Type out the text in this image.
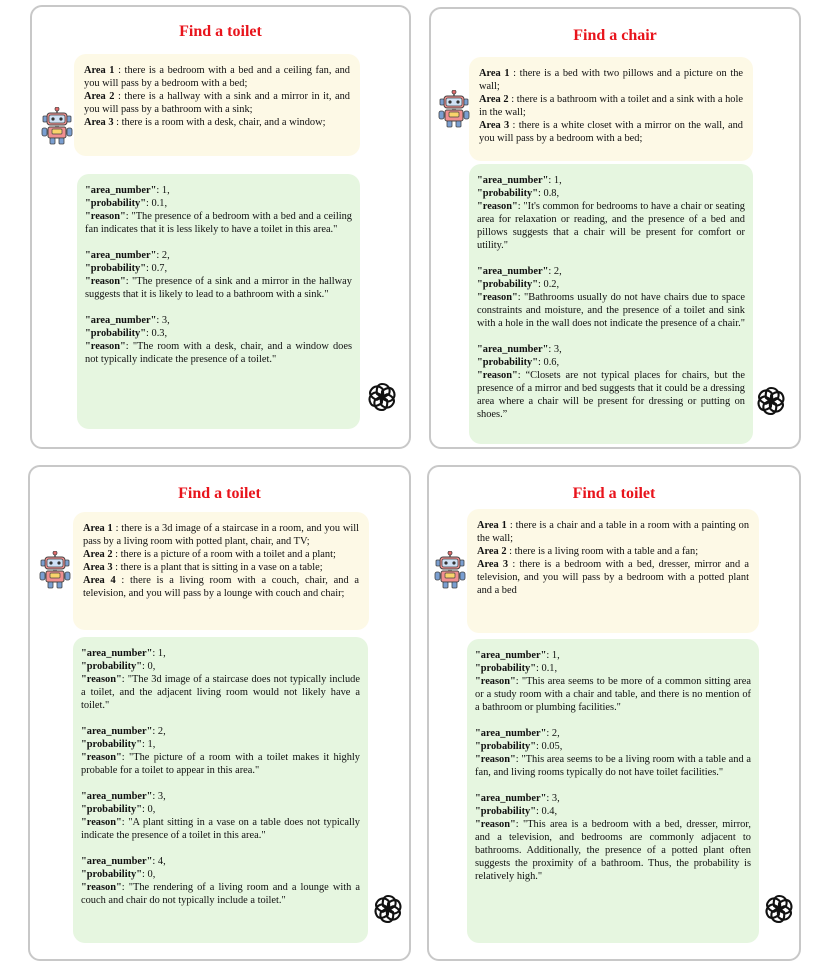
Find a toilet
Area 1 : there is a bedroom with a bed and a ceiling fan, and you will pass by a bedroom with a bed;
Area 2 : there is a hallway with a sink and a mirror in it, and you will pass by a bathroom with a sink;
Area 3 : there is a room with a desk, chair, and a window;
"area_number": 1,
"probability": 0.1,
"reason": "The presence of a bedroom with a bed and a ceiling fan indicates that it is less likely to have a toilet in this area."
"area_number": 2,
"probability": 0.7,
"reason": "The presence of a sink and a mirror in the hallway suggests that it is likely to lead to a bathroom with a sink."
"area_number": 3,
"probability": 0.3,
"reason": "The room with a desk, chair, and a window does not typically indicate the presence of a toilet."
Find a chair
Area 1 : there is a bed with two pillows and a picture on the wall;
Area 2 : there is a bathroom with a toilet and a sink with a hole in the wall;
Area 3 : there is a white closet with a mirror on the wall, and you will pass by a bedroom with a bed;
"area_number": 1,
"probability": 0.8,
"reason": "It's common for bedrooms to have a chair or seating area for relaxation or reading, and the presence of a bed and pillows suggests that a chair will be present for comfort or utility."
"area_number": 2,
"probability": 0.2,
"reason": "Bathrooms usually do not have chairs due to space constraints and moisture, and the presence of a toilet and sink with a hole in the wall does not indicate the presence of a chair."
"area_number": 3,
"probability": 0.6,
"reason": “Closets are not typical places for chairs, but the presence of a mirror and bed suggests that it could be a dressing area where a chair will be present for dressing or putting on shoes.”
Find a toilet
Area 1 : there is a 3d image of a staircase in a room, and you will pass by a living room with potted plant, chair, and TV;
Area 2 : there is a picture of a room with a toilet and a plant;
Area 3 : there is a plant that is sitting in a vase on a table;
Area 4 : there is a living room with a couch, chair, and a television, and you will pass by a lounge with couch and chair;
"area_number": 1,
"probability": 0,
"reason": "The 3d image of a staircase does not typically include a toilet, and the adjacent living room would not likely have a toilet."
"area_number": 2,
"probability": 1,
"reason": "The picture of a room with a toilet makes it highly probable for a toilet to appear in this area."
"area_number": 3,
"probability": 0,
"reason": "A plant sitting in a vase on a table does not typically indicate the presence of a toilet in this area."
"area_number": 4,
"probability": 0,
"reason": "The rendering of a living room and a lounge with a couch and chair do not typically include a toilet."
Find a toilet
Area 1 : there is a chair and a table in a room with a painting on the wall;
Area 2 : there is a living room with a table and a fan;
Area 3 : there is a bedroom with a bed, dresser, mirror and a television, and you will pass by a bedroom with a potted plant and a bed
"area_number": 1,
"probability": 0.1,
"reason": "This area seems to be more of a common sitting area or a study room with a chair and table, and there is no mention of a bathroom or plumbing facilities."
"area_number": 2,
"probability": 0.05,
"reason": "This area seems to be a living room with a table and a fan, and living rooms typically do not have toilet facilities."
"area_number": 3,
"probability": 0.4,
"reason": "This area is a bedroom with a bed, dresser, mirror, and a television, and bedrooms are commonly adjacent to bathrooms. Additionally, the presence of a potted plant often suggests the proximity of a bathroom. Thus, the probability is relatively high."
